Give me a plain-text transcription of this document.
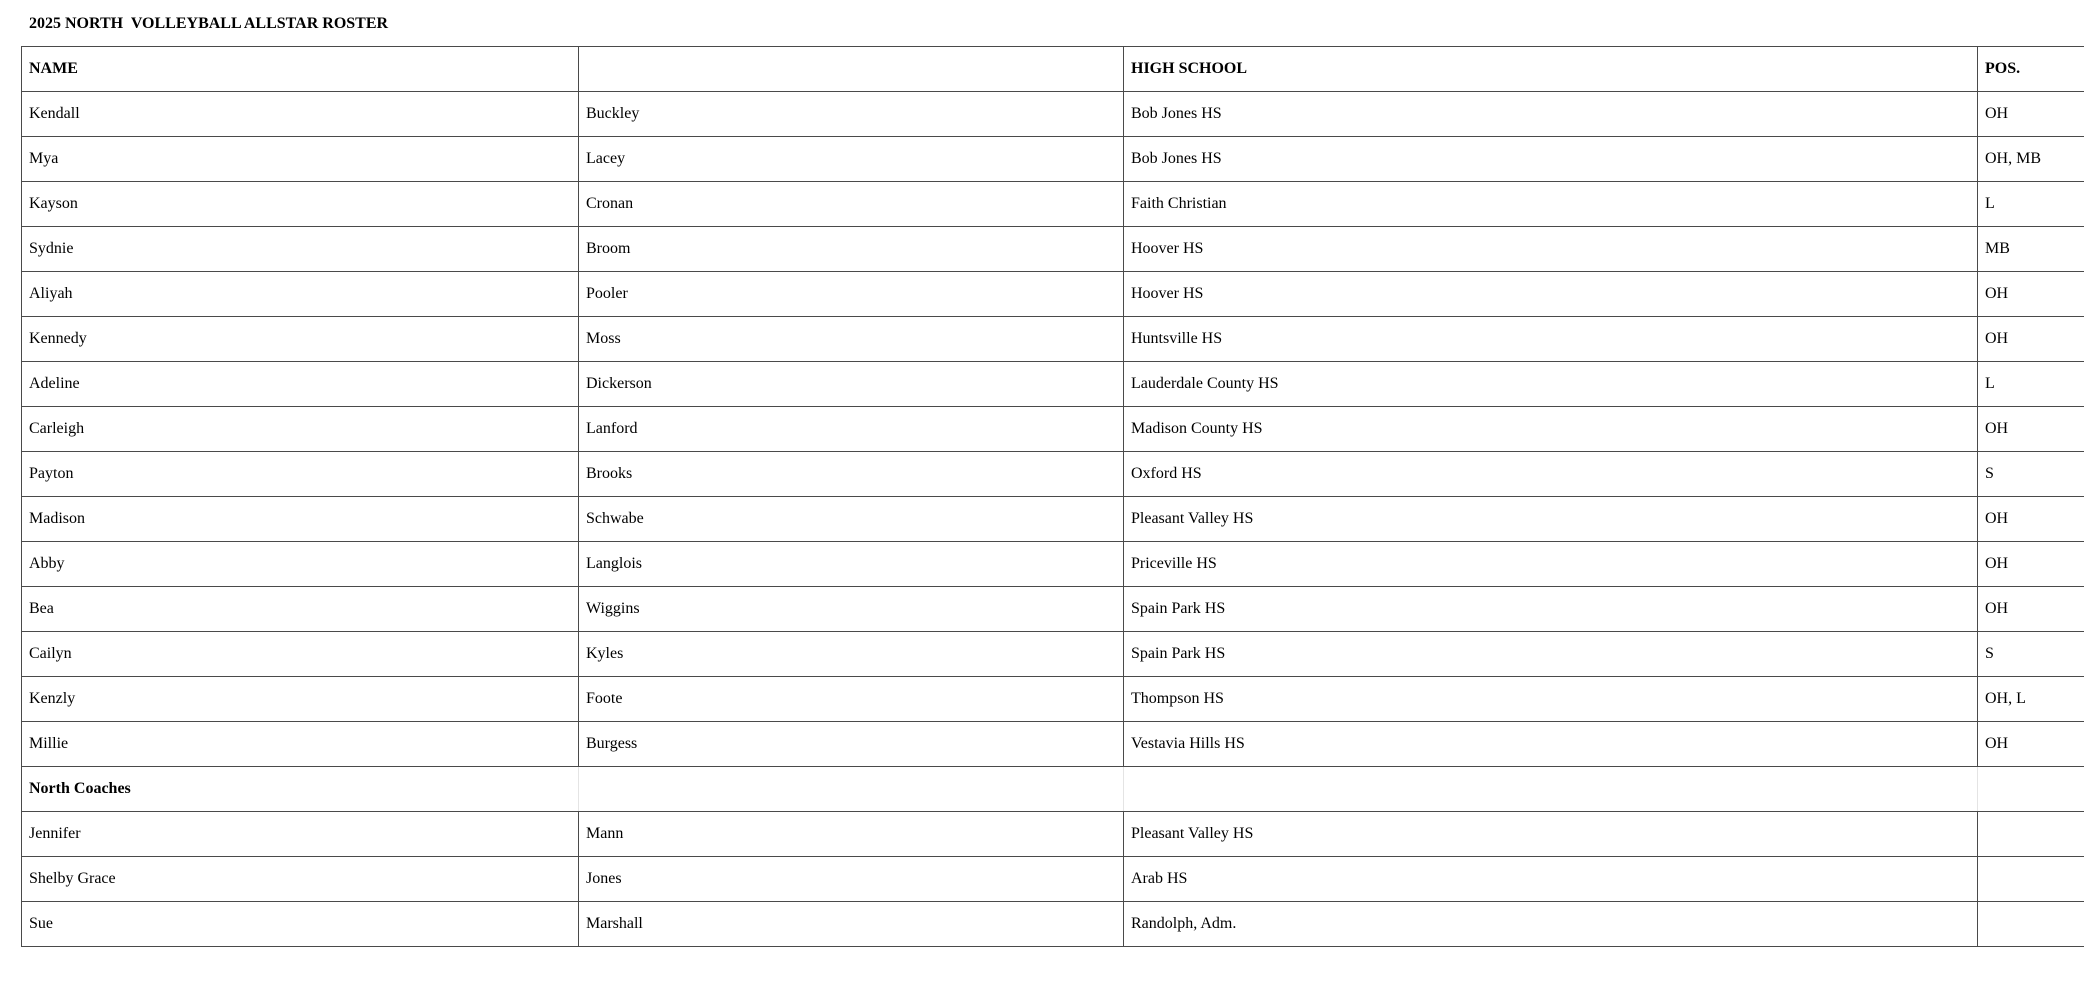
2025 NORTH  VOLLEYBALL ALLSTAR ROSTER
NAME		HIGH SCHOOL	POS.
Kendall	Buckley	Bob Jones HS	OH
Mya	Lacey	Bob Jones HS	OH, MB
Kayson	Cronan	Faith Christian	L
Sydnie	Broom	Hoover HS	MB
Aliyah	Pooler	Hoover HS	OH
Kennedy	Moss	Huntsville HS	OH
Adeline	Dickerson	Lauderdale County HS	L
Carleigh	Lanford	Madison County HS	OH
Payton	Brooks	Oxford HS	S
Madison	Schwabe	Pleasant Valley HS	OH
Abby	Langlois	Priceville HS	OH
Bea	Wiggins	Spain Park HS	OH
Cailyn	Kyles	Spain Park HS	S
Kenzly	Foote	Thompson HS	OH, L
Millie	Burgess	Vestavia Hills HS	OH
North Coaches			
Jennifer	Mann	Pleasant Valley HS	
Shelby Grace	Jones	Arab HS	
Sue	Marshall	Randolph, Adm.	
